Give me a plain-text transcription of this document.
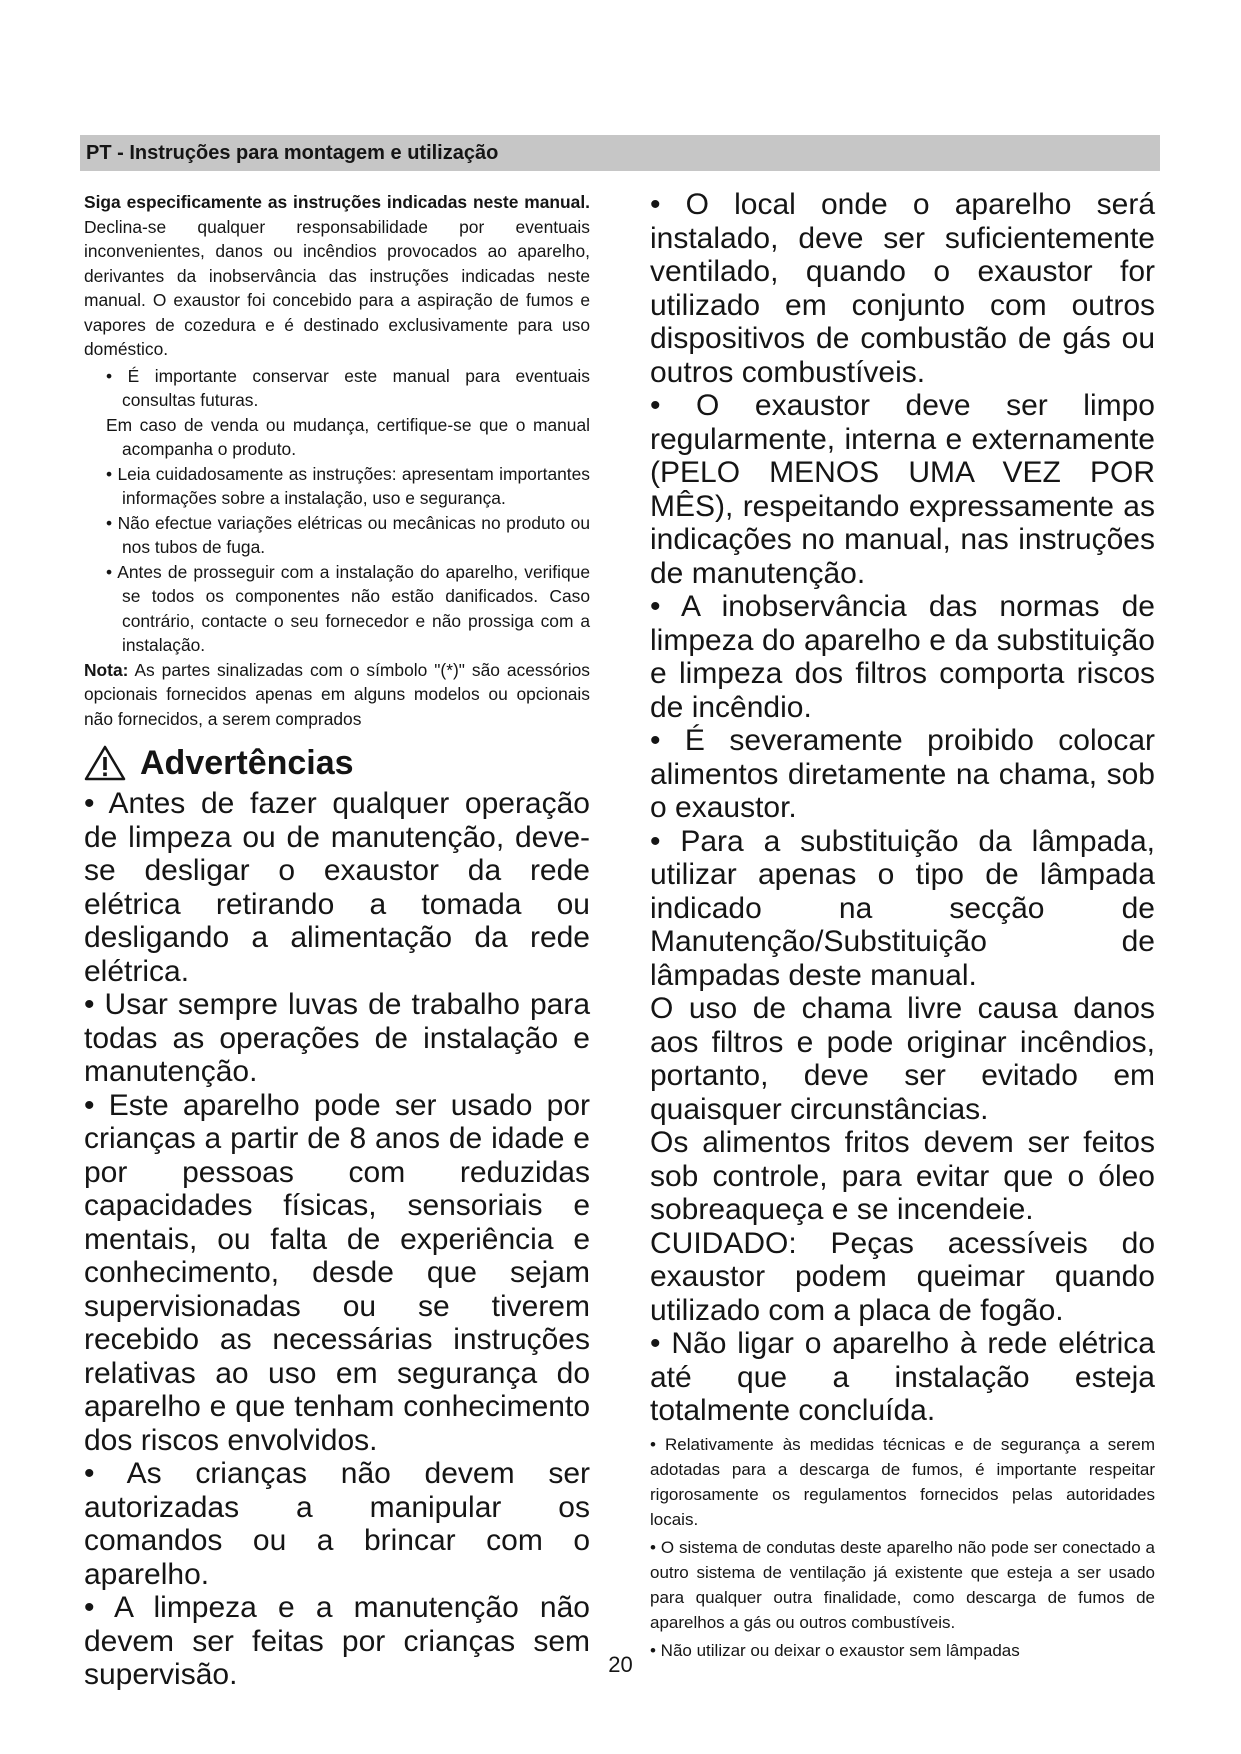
PT - Instruções para montagem e utilização

Siga especificamente as instruções indicadas neste manual. Declina-se qualquer responsabilidade por eventuais inconvenientes, danos ou incêndios provocados ao aparelho, derivantes da inobservância das instruções indicadas neste manual. O exaustor foi concebido para a aspiração de fumos e vapores de cozedura e é destinado exclusivamente para uso doméstico.

• É importante conservar este manual para eventuais consultas futuras.

Em caso de venda ou mudança, certifique-se que o manual acompanha o produto.

• Leia cuidadosamente as instruções: apresentam importantes informações sobre a instalação, uso e segurança.

• Não efectue variações elétricas ou mecânicas no produto ou nos tubos de fuga.

• Antes de prosseguir com a instalação do aparelho, verifique se todos os componentes não estão danificados. Caso contrário, contacte o seu fornecedor e não prossiga com a instalação.

Nota: As partes sinalizadas com o símbolo "(*)" são acessórios opcionais fornecidos apenas em alguns modelos ou opcionais não fornecidos, a serem comprados

Advertências

• Antes de fazer qualquer operação de limpeza ou de manutenção, deve-se desligar o exaustor da rede elétrica retirando a tomada ou desligando a alimentação da rede elétrica.

• Usar sempre luvas de trabalho para todas as operações de instalação e manutenção.

• Este aparelho pode ser usado por crianças a partir de 8 anos de idade e por pessoas com reduzidas capacidades físicas, sensoriais e mentais, ou falta de experiência e conhecimento, desde que sejam supervisionadas ou se tiverem recebido as necessárias instruções relativas ao uso em segurança do aparelho e que tenham conhecimento dos riscos envolvidos.

• As crianças não devem ser autorizadas a manipular os comandos ou a brincar com o aparelho.

• A limpeza e a manutenção não devem ser feitas por crianças sem supervisão.

• O local onde o aparelho será instalado, deve ser suficientemente ventilado, quando o exaustor for utilizado em conjunto com outros dispositivos de combustão de gás ou outros combustíveis.

• O exaustor deve ser limpo regularmente, interna e externamente (PELO MENOS UMA VEZ POR MÊS), respeitando expressamente as indicações no manual, nas instruções de manutenção.

• A inobservância das normas de limpeza do aparelho e da substituição e limpeza dos filtros comporta riscos de incêndio.

• É severamente proibido colocar alimentos diretamente na chama, sob o exaustor.

• Para a substituição da lâmpada, utilizar apenas o tipo de lâmpada indicado na secção de Manutenção/Substituição de lâmpadas deste manual.

O uso de chama livre causa danos aos filtros e pode originar incêndios, portanto, deve ser evitado em quaisquer circunstâncias.

Os alimentos fritos devem ser feitos sob controle, para evitar que o óleo sobreaqueça e se incendeie.

CUIDADO: Peças acessíveis do exaustor podem queimar quando utilizado com a placa de fogão.

• Não ligar o aparelho à rede elétrica até que a instalação esteja totalmente concluída.

• Relativamente às medidas técnicas e de segurança a serem adotadas para a descarga de fumos, é importante respeitar rigorosamente os regulamentos fornecidos pelas autoridades locais.

• O sistema de condutas deste aparelho não pode ser conectado a outro sistema de ventilação já existente que esteja a ser usado para qualquer outra finalidade, como descarga de fumos de aparelhos a gás ou outros combustíveis.

• Não utilizar ou deixar o exaustor sem lâmpadas

20
